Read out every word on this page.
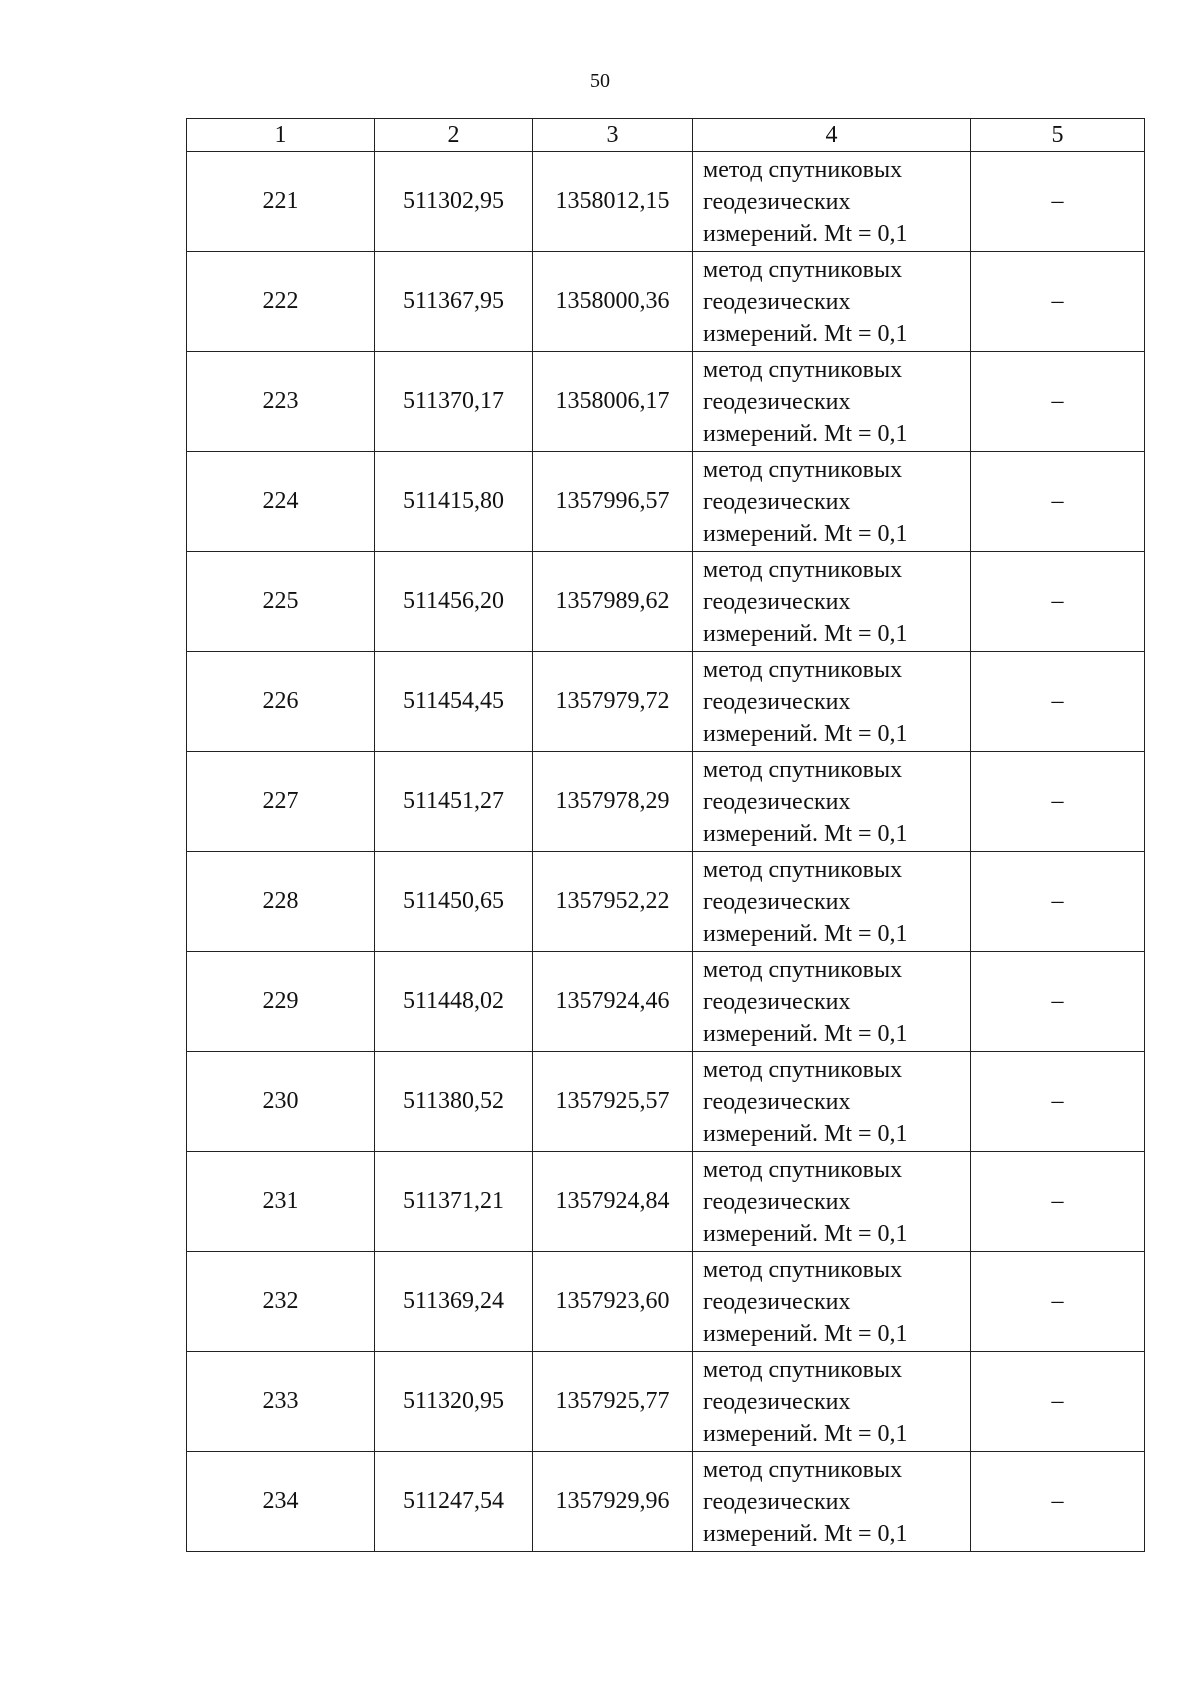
50
1	2	3	4	5
221	511302,95	1358012,15	метод спутниковых
геодезических
измерений. Mt = 0,1	–
222	511367,95	1358000,36	метод спутниковых
геодезических
измерений. Mt = 0,1	–
223	511370,17	1358006,17	метод спутниковых
геодезических
измерений. Mt = 0,1	–
224	511415,80	1357996,57	метод спутниковых
геодезических
измерений. Mt = 0,1	–
225	511456,20	1357989,62	метод спутниковых
геодезических
измерений. Mt = 0,1	–
226	511454,45	1357979,72	метод спутниковых
геодезических
измерений. Mt = 0,1	–
227	511451,27	1357978,29	метод спутниковых
геодезических
измерений. Mt = 0,1	–
228	511450,65	1357952,22	метод спутниковых
геодезических
измерений. Mt = 0,1	–
229	511448,02	1357924,46	метод спутниковых
геодезических
измерений. Mt = 0,1	–
230	511380,52	1357925,57	метод спутниковых
геодезических
измерений. Mt = 0,1	–
231	511371,21	1357924,84	метод спутниковых
геодезических
измерений. Mt = 0,1	–
232	511369,24	1357923,60	метод спутниковых
геодезических
измерений. Mt = 0,1	–
233	511320,95	1357925,77	метод спутниковых
геодезических
измерений. Mt = 0,1	–
234	511247,54	1357929,96	метод спутниковых
геодезических
измерений. Mt = 0,1	–
